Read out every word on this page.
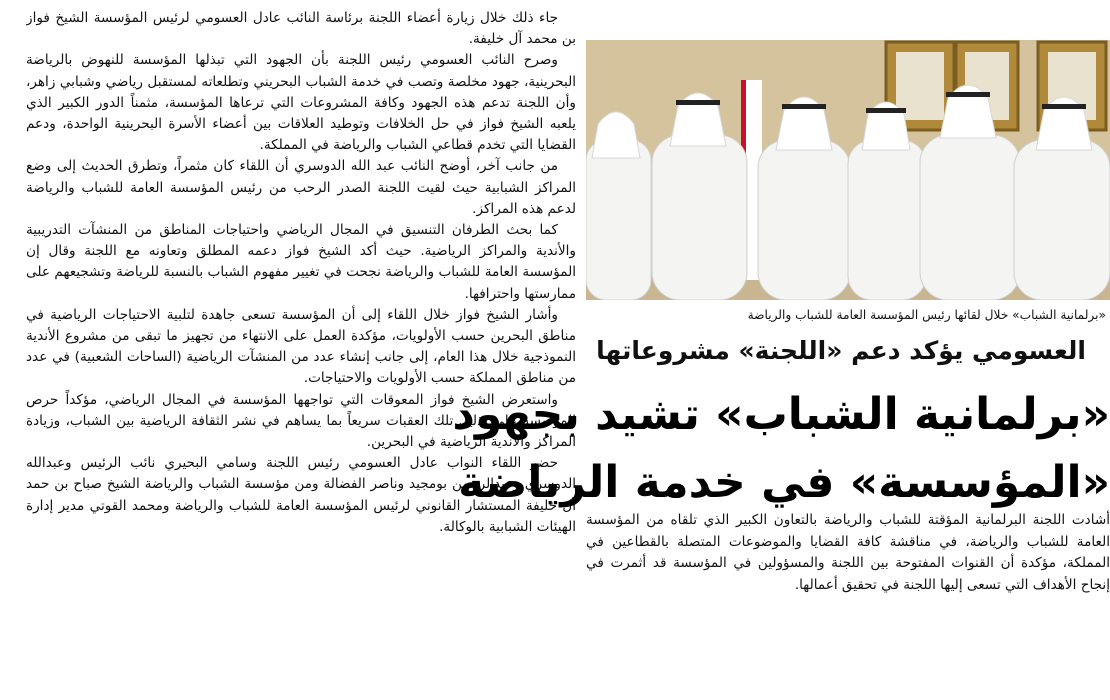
جاء ذلك خلال زيارة أعضاء اللجنة برئاسة النائب عادل العسومي لرئيس المؤسسة الشيخ فواز بن محمد آل خليفة.

وصرح النائب العسومي رئيس اللجنة بأن الجهود التي تبذلها المؤسسة للنهوض بالرياضة البحرينية، جهود مخلصة وتصب في خدمة الشباب البحريني وتطلعاته لمستقبل رياضي وشبابي زاهر، وأن اللجنة تدعم هذه الجهود وكافة المشروعات التي ترعاها المؤسسة، مثمناً الدور الكبير الذي يلعبه الشيخ فواز في حل الخلافات وتوطيد العلاقات بين أعضاء الأسرة البحرينية الواحدة، ودعم القضايا التي تخدم قطاعي الشباب والرياضة في المملكة.

من جانب آخر، أوضح النائب عبد الله الدوسري أن اللقاء كان مثمراً، وتطرق الحديث إلى وضع المراكز الشبابية حيث لقيت اللجنة الصدر الرحب من رئيس المؤسسة العامة للشباب والرياضة لدعم هذه المراكز.

كما بحث الطرفان التنسيق في المجال الرياضي واحتياجات المناطق من المنشآت التدريبية والأندية والمراكز الرياضية. حيث أكد الشيخ فواز دعمه المطلق وتعاونه مع اللجنة وقال إن المؤسسة العامة للشباب والرياضة نجحت في تغيير مفهوم الشباب بالنسبة للرياضة وتشجيعهم على ممارستها واحترافها.

وأشار الشيخ فواز خلال اللقاء إلى أن المؤسسة تسعى جاهدة لتلبية الاحتياجات الرياضية في مناطق البحرين حسب الأولويات، مؤكدة العمل على الانتهاء من تجهيز ما تبقى من مشروع الأندية النموذجية خلال هذا العام، إلى جانب إنشاء عدد من المنشآت الرياضية (الساحات الشعبية) في عدد من مناطق المملكة حسب الأولويات والاحتياجات.

واستعرض الشيخ فواز المعوقات التي تواجهها المؤسسة في المجال الرياضي، مؤكداً حرص المؤسسة على تذليل تلك العقبات سريعاً بما يساهم في نشر الثقافة الرياضية بين الشباب، وزيادة المراكز والأندية الرياضية في البحرين.

حضر اللقاء النواب عادل العسومي رئيس اللجنة وسامي البحيري نائب الرئيس وعبدالله الدوسري وعبدالرحمن بومجيد وناصر الفضالة ومن مؤسسة الشباب والرياضة الشيخ صباح بن حمد آل خليفة المستشار القانوني لرئيس المؤسسة العامة للشباب والرياضة ومحمد القوتي مدير إدارة الهيئات الشبابية بالوكالة.

«برلمانية الشباب» خلال لقائها رئيس المؤسسة العامة للشباب والرياضة
العسومي يؤكد دعم «اللجنة» مشروعاتها
«برلمانية الشباب» تشيد بجهود
«المؤسسة» في خدمة الرياضة

أشادت اللجنة البرلمانية المؤقتة للشباب والرياضة بالتعاون الكبير الذي تلقاه من المؤسسة العامة للشباب والرياضة، في مناقشة كافة القضايا والموضوعات المتصلة بالقطاعين في المملكة، مؤكدة أن القنوات المفتوحة بين اللجنة والمسؤولين في المؤسسة قد أثمرت في إنجاح الأهداف التي تسعى إليها اللجنة في تحقيق أعمالها.
